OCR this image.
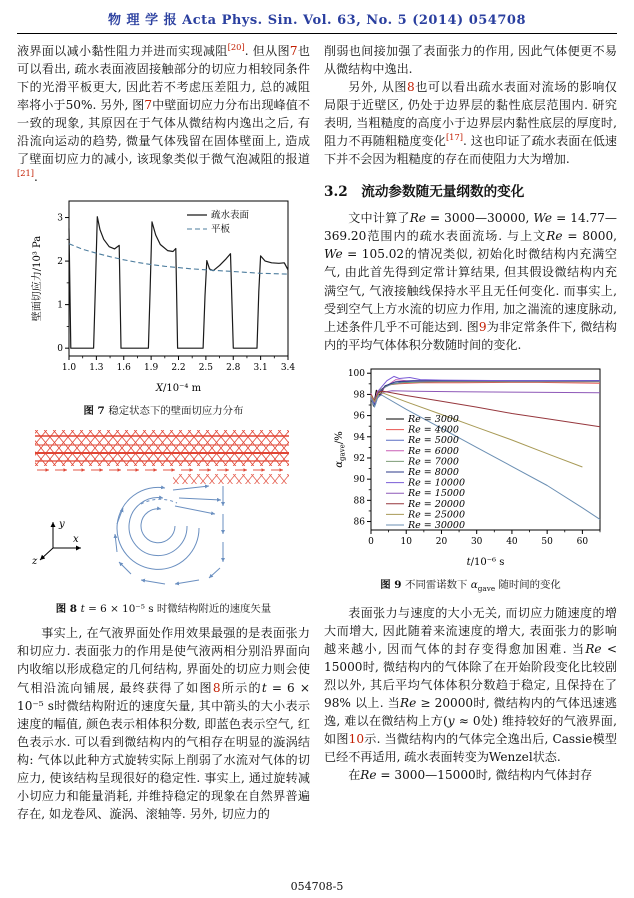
物 理 学 报 Acta Phys. Sin. Vol. 63, No. 5 (2014) 054708

液界面以减小黏性阻力并进而实现减阻[20]. 但从图7也可以看出, 疏水表面液固接触部分的切应力相较同条件下的光滑平板更大, 因此若不考虑压差阻力, 总的减阻率将小于50%. 另外, 图7中壁面切应力分布出现峰值不一致的现象, 其原因在于气体从微结构内逸出之后, 有沿流向运动的趋势, 微量气体残留在固体壁面上, 造成了壁面切应力的减小, 该现象类似于微气泡减阻的报道[21].

1.0 1.3 1.6 1.9 2.2 2.5 2.8 3.1 3.4
0
1
2
3
X/10⁻⁴ m
壁面切应力/10³ Pa
疏水表面
平板
图 7 稳定状态下的壁面切应力分布
y
x
z
图 8 t = 6 × 10⁻⁵ s 时微结构附近的速度矢量

事实上, 在气液界面处作用效果最强的是表面张力和切应力. 表面张力的作用是使气液两相分别沿界面向内收缩以形成稳定的几何结构, 界面处的切应力则会使气相沿流向铺展, 最终获得了如图8所示的t = 6 × 10⁻⁵ s时微结构附近的速度矢量, 其中箭头的大小表示速度的幅值, 颜色表示相体积分数, 即蓝色表示空气, 红色表示水. 可以看到微结构内的气相存在明显的漩涡结构: 气体以此种方式旋转实际上削弱了水流对气体的切应力, 使该结构呈现很好的稳定性. 事实上, 通过旋转减小切应力和能量消耗, 并维持稳定的现象在自然界普遍存在, 如龙卷风、漩涡、滚轴等. 另外, 切应力的

削弱也间接加强了表面张力的作用, 因此气体便更不易从微结构中逸出.

另外, 从图8也可以看出疏水表面对流场的影响仅局限于近壁区, 仍处于边界层的黏性底层范围内. 研究表明, 当粗糙度的高度小于边界层内黏性底层的厚度时, 阻力不再随粗糙度变化[17]. 这也印证了疏水表面在低速下并不会因为粗糙度的存在而使阻力大为增加.

3.2　流动参数随无量纲数的变化

文中计算了Re = 3000—30000, We = 14.77—369.20范围内的疏水表面流场. 与上文Re = 8000, We = 105.02的情况类似, 初始化时微结构内充满空气, 由此首先得到定常计算结果, 但其假设微结构内充满空气, 气液接触线保持水平且无任何变化. 而事实上, 受到空气上方水流的切应力作用, 加之湍流的速度脉动, 上述条件几乎不可能达到. 图9为非定常条件下, 微结构内的平均气体体积分数随时间的变化.

0	10	20	30	40	50	60
86
88
90
92
94
96
98
100
t/10⁻⁶ s
$\alpha_{gave}/\%$
Re = 3000
Re = 4000
Re = 5000
Re = 6000
Re = 7000
Re = 8000
Re = 10000
Re = 15000
Re = 20000
Re = 25000
Re = 30000
图 9 不同雷诺数下 $\alpha_{gave}$ 随时间的变化

表面张力与速度的大小无关, 而切应力随速度的增大而增大, 因此随着来流速度的增大, 表面张力的影响越来越小, 因而气体的封存变得愈加困难. 当Re < 15000时, 微结构内的气体除了在开始阶段变化比较剧烈以外, 其后平均气体体积分数趋于稳定, 且保持在了98% 以上. 当Re ≥ 20000时, 微结构内的气体迅速逃逸, 难以在微结构上方(y ≈ 0处) 维持较好的气液界面, 如图10示. 当微结构内的气体完全逸出后, Cassie模型已经不再适用, 疏水表面转变为Wenzel状态.

在Re = 3000—15000时, 微结构内气体封存

054708-5
